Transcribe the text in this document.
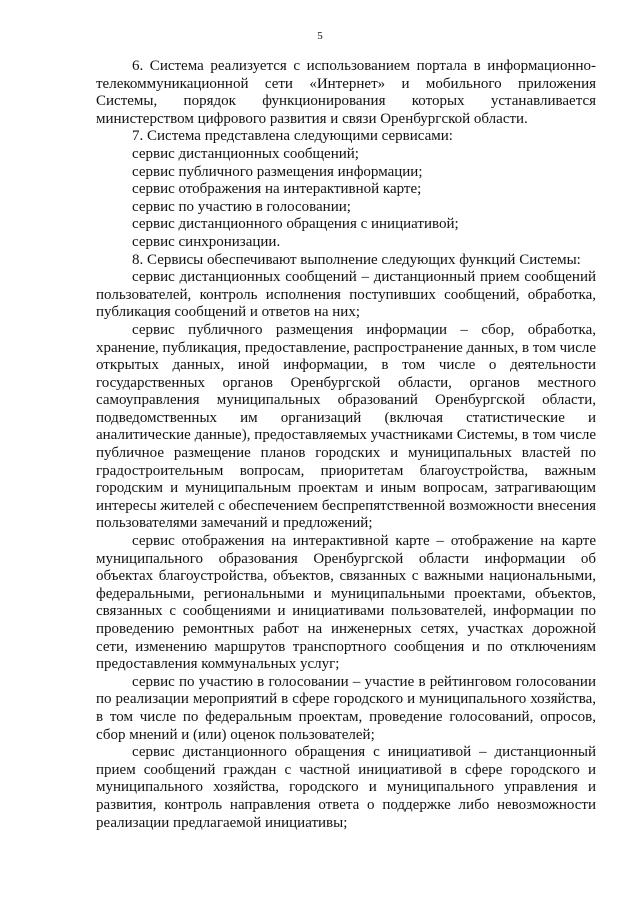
5

6. Система реализуется с использованием портала в информационно-телекоммуникационной сети «Интернет» и мобильного приложения Системы, порядок функционирования которых устанавливается министерством цифрового развития и связи Оренбургской области.

7. Система представлена следующими сервисами:

сервис дистанционных сообщений;

сервис публичного размещения информации;

сервис отображения на интерактивной карте;

сервис по участию в голосовании;

сервис дистанционного обращения с инициативой;

сервис синхронизации.

8. Сервисы обеспечивают выполнение следующих функций Системы:

сервис дистанционных сообщений – дистанционный прием сообщений пользователей, контроль исполнения поступивших сообщений, обработка, публикация сообщений и ответов на них;

сервис публичного размещения информации – сбор, обработка, хранение, публикация, предоставление, распространение данных, в том числе открытых данных, иной информации, в том числе о деятельности государственных органов Оренбургской области, органов местного самоуправления муниципальных образований Оренбургской области, подведомственных им организаций (включая статистические и аналитические данные), предоставляемых участниками Системы, в том числе публичное размещение планов городских и муниципальных властей по градостроительным вопросам, приоритетам благоустройства, важным городским и муниципальным проектам и иным вопросам, затрагивающим интересы жителей с обеспечением беспрепятственной возможности внесения пользователями замечаний и предложений;

сервис отображения на интерактивной карте – отображение на карте муниципального образования Оренбургской области информации об объектах благоустройства, объектов, связанных с важными национальными, федеральными, региональными и муниципальными проектами, объектов, связанных с сообщениями и инициативами пользователей, информации по проведению ремонтных работ на инженерных сетях, участках дорожной сети, изменению маршрутов транспортного сообщения и по отключениям предоставления коммунальных услуг;

сервис по участию в голосовании – участие в рейтинговом голосовании по реализации мероприятий в сфере городского и муниципального хозяйства, в том числе по федеральным проектам, проведение голосований, опросов, сбор мнений и (или) оценок пользователей;

сервис дистанционного обращения с инициативой – дистанционный прием сообщений граждан с частной инициативой в сфере городского и муниципального хозяйства, городского и муниципального управления и развития, контроль направления ответа о поддержке либо невозможности реализации предлагаемой инициативы;
